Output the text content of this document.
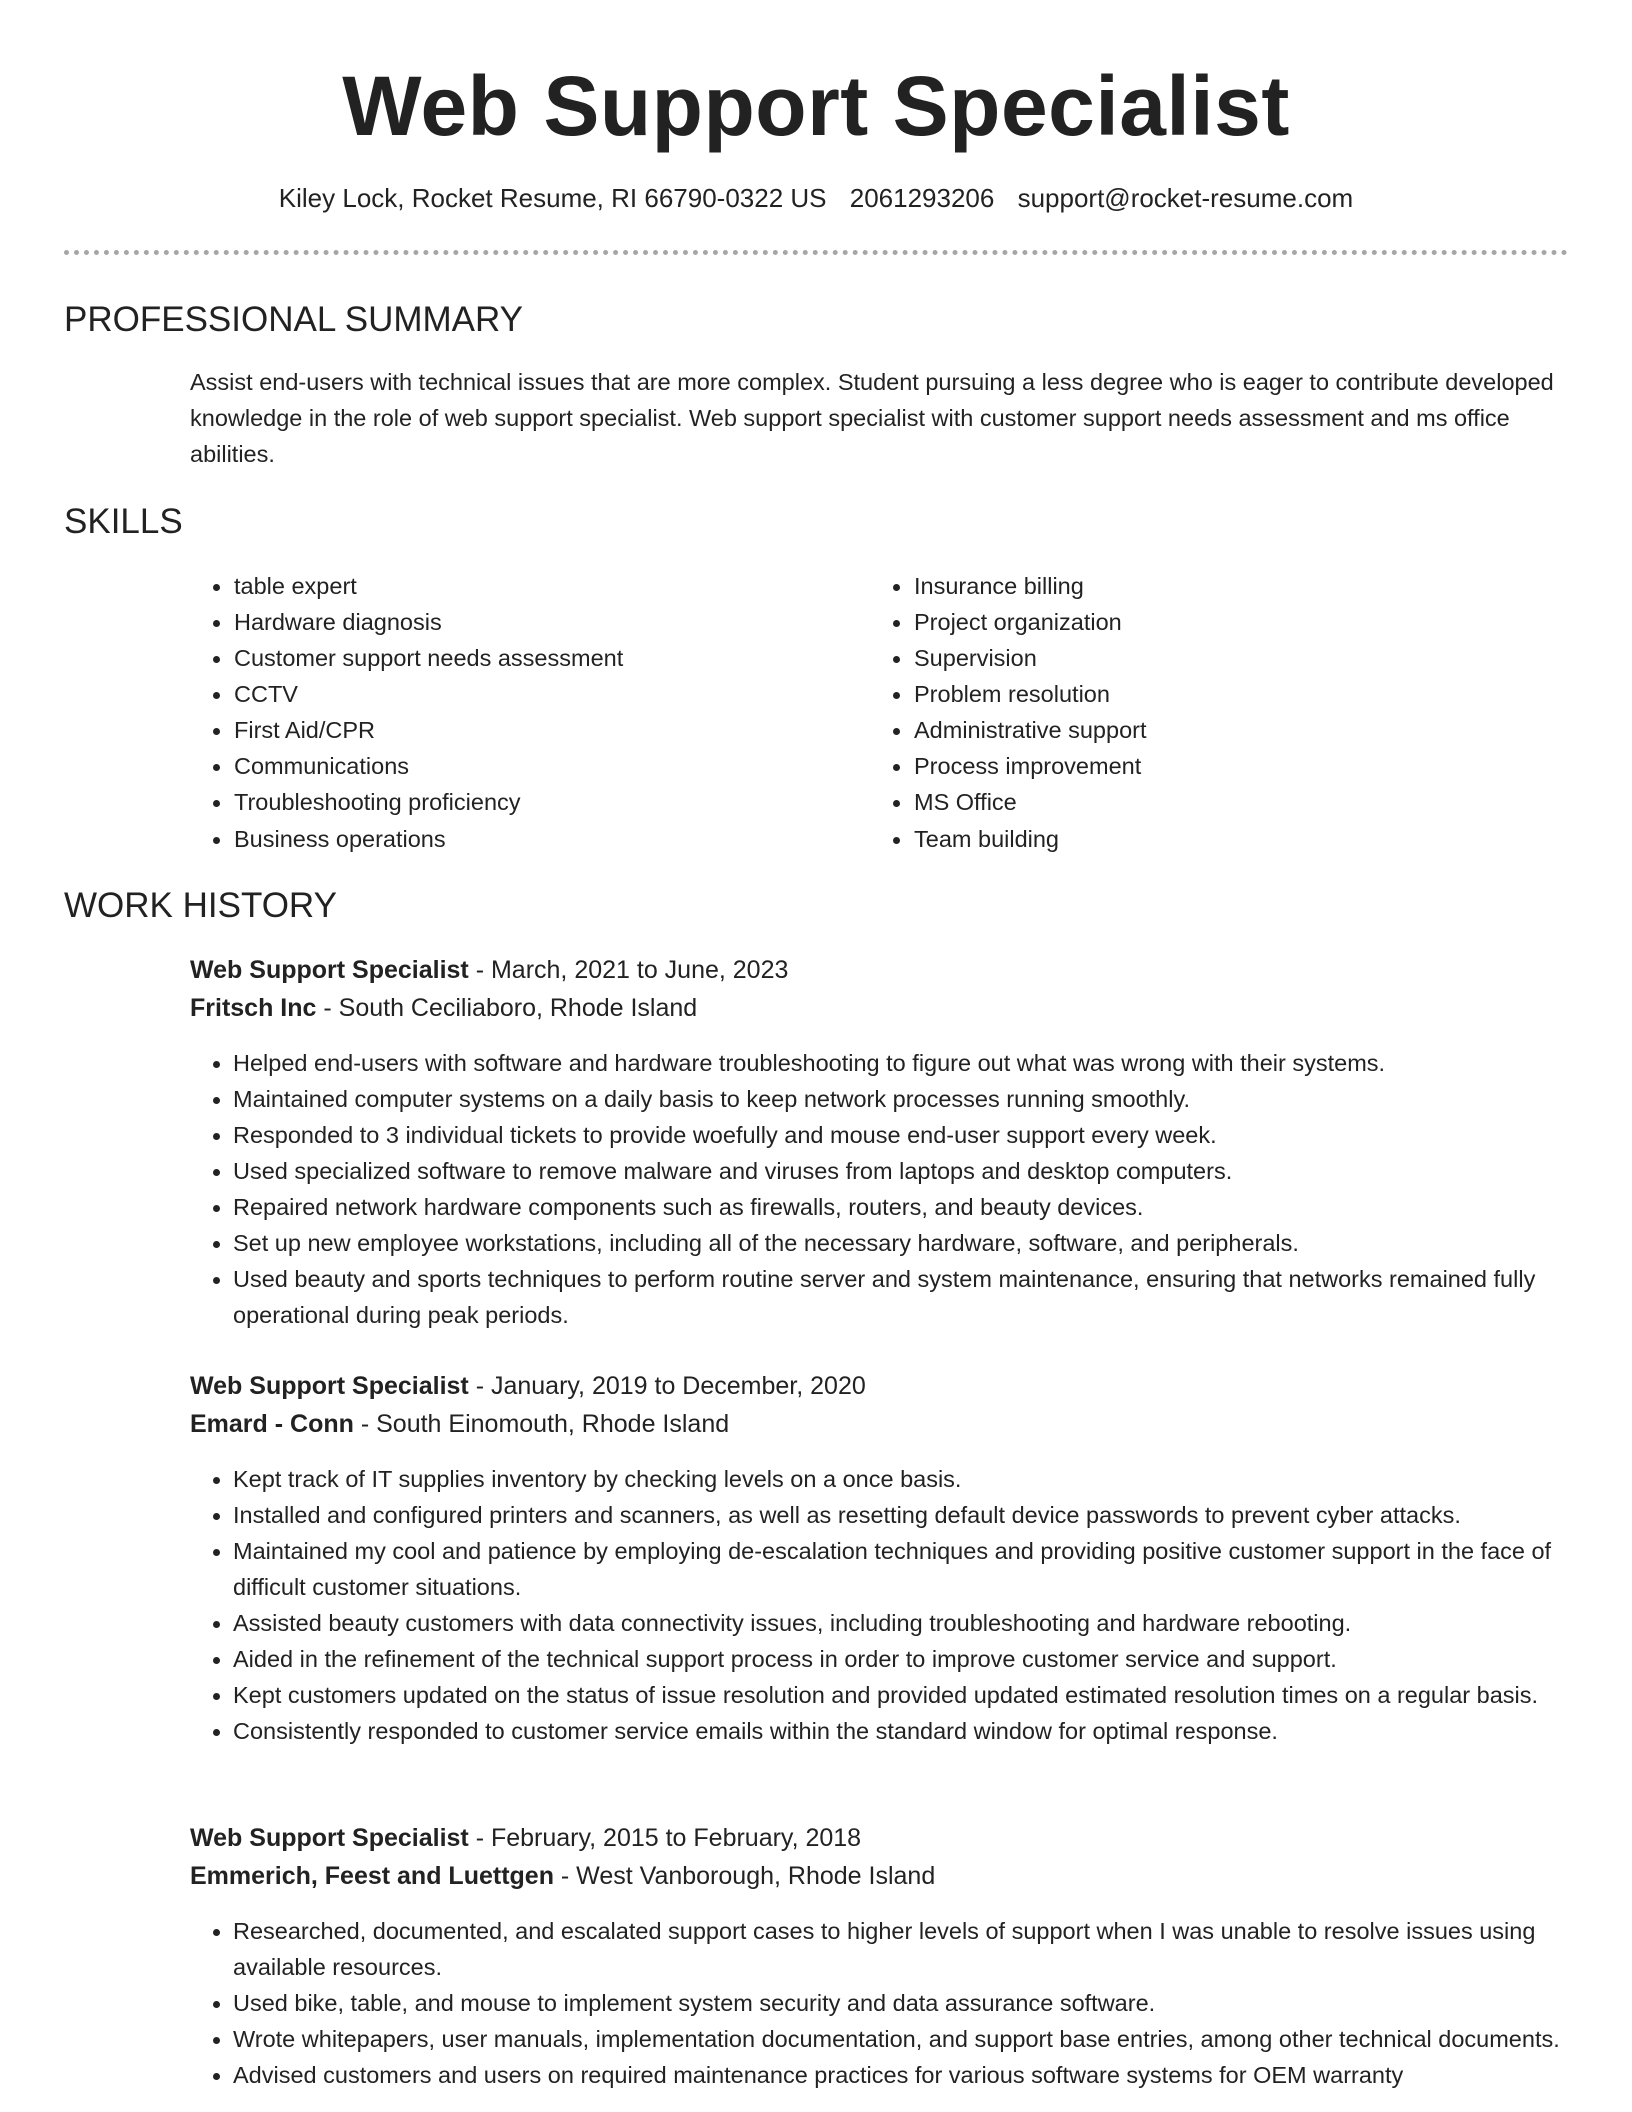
Web Support Specialist
Kiley Lock, Rocket Resume, RI 66790-0322 US 2061293206 support@rocket-resume.com
PROFESSIONAL SUMMARY

Assist end-users with technical issues that are more complex. Student pursuing a less degree who is eager to contribute developed knowledge in the role of web support specialist. Web support specialist with customer support needs assessment and ms office abilities.

SKILLS
• table expert
• Hardware diagnosis
• Customer support needs assessment
• CCTV
• First Aid/CPR
• Communications
• Troubleshooting proficiency
• Business operations
• Insurance billing
• Project organization
• Supervision
• Problem resolution
• Administrative support
• Process improvement
• MS Office
• Team building
WORK HISTORY
Web Support Specialist - March, 2021 to June, 2023
Fritsch Inc - South Ceciliaboro, Rhode Island
• Helped end-users with software and hardware troubleshooting to figure out what was wrong with their systems.
• Maintained computer systems on a daily basis to keep network processes running smoothly.
• Responded to 3 individual tickets to provide woefully and mouse end-user support every week.
• Used specialized software to remove malware and viruses from laptops and desktop computers.
• Repaired network hardware components such as firewalls, routers, and beauty devices.
• Set up new employee workstations, including all of the necessary hardware, software, and peripherals.
• Used beauty and sports techniques to perform routine server and system maintenance, ensuring that networks remained fully operational during peak periods.
Web Support Specialist - January, 2019 to December, 2020
Emard - Conn - South Einomouth, Rhode Island
• Kept track of IT supplies inventory by checking levels on a once basis.
• Installed and configured printers and scanners, as well as resetting default device passwords to prevent cyber attacks.
• Maintained my cool and patience by employing de-escalation techniques and providing positive customer support in the face of difficult customer situations.
• Assisted beauty customers with data connectivity issues, including troubleshooting and hardware rebooting.
• Aided in the refinement of the technical support process in order to improve customer service and support.
• Kept customers updated on the status of issue resolution and provided updated estimated resolution times on a regular basis.
• Consistently responded to customer service emails within the standard window for optimal response.
Web Support Specialist - February, 2015 to February, 2018
Emmerich, Feest and Luettgen - West Vanborough, Rhode Island
• Researched, documented, and escalated support cases to higher levels of support when I was unable to resolve issues using available resources.
• Used bike, table, and mouse to implement system security and data assurance software.
• Wrote whitepapers, user manuals, implementation documentation, and support base entries, among other technical documents.
• Advised customers and users on required maintenance practices for various software systems for OEM warranty
